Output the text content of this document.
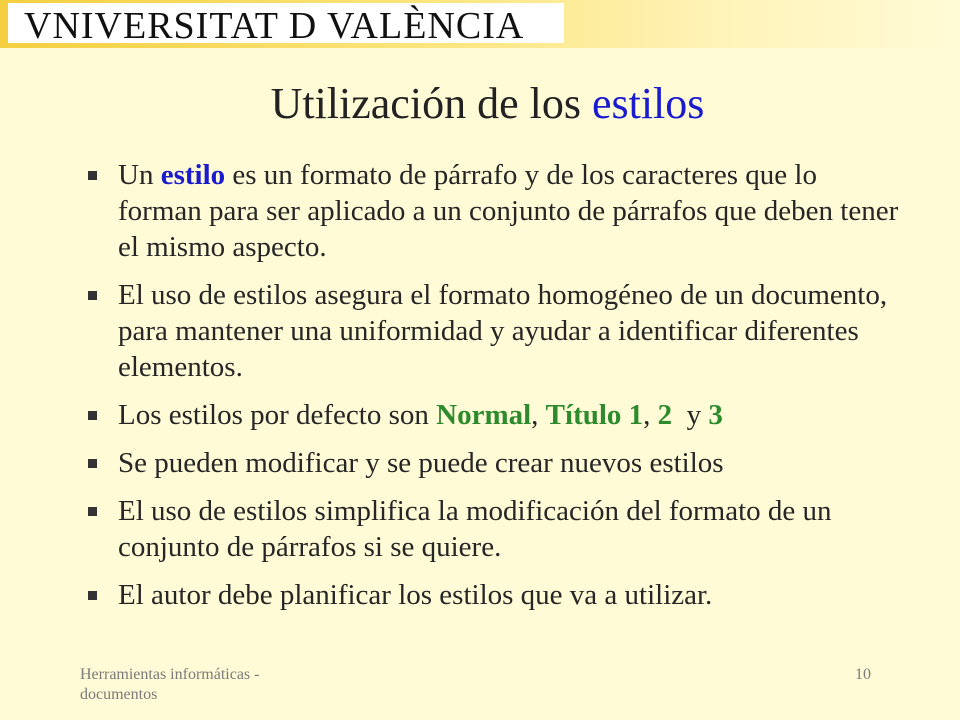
VNIVERSITAT D VALÈNCIA
Utilización de los estilos
Un estilo es un formato de párrafo y de los caracteres que lo forman para ser aplicado a un conjunto de párrafos que deben tener el mismo aspecto.
El uso de estilos asegura el formato homogéneo de un documento, para mantener una uniformidad y ayudar a identificar diferentes elementos.
Los estilos por defecto son Normal, Título 1, 2  y 3
Se pueden modificar y se puede crear nuevos estilos
El uso de estilos simplifica la modificación del formato de un conjunto de párrafos si se quiere.
El autor debe planificar los estilos que va a utilizar.
Herramientas informáticas - documentos
10
